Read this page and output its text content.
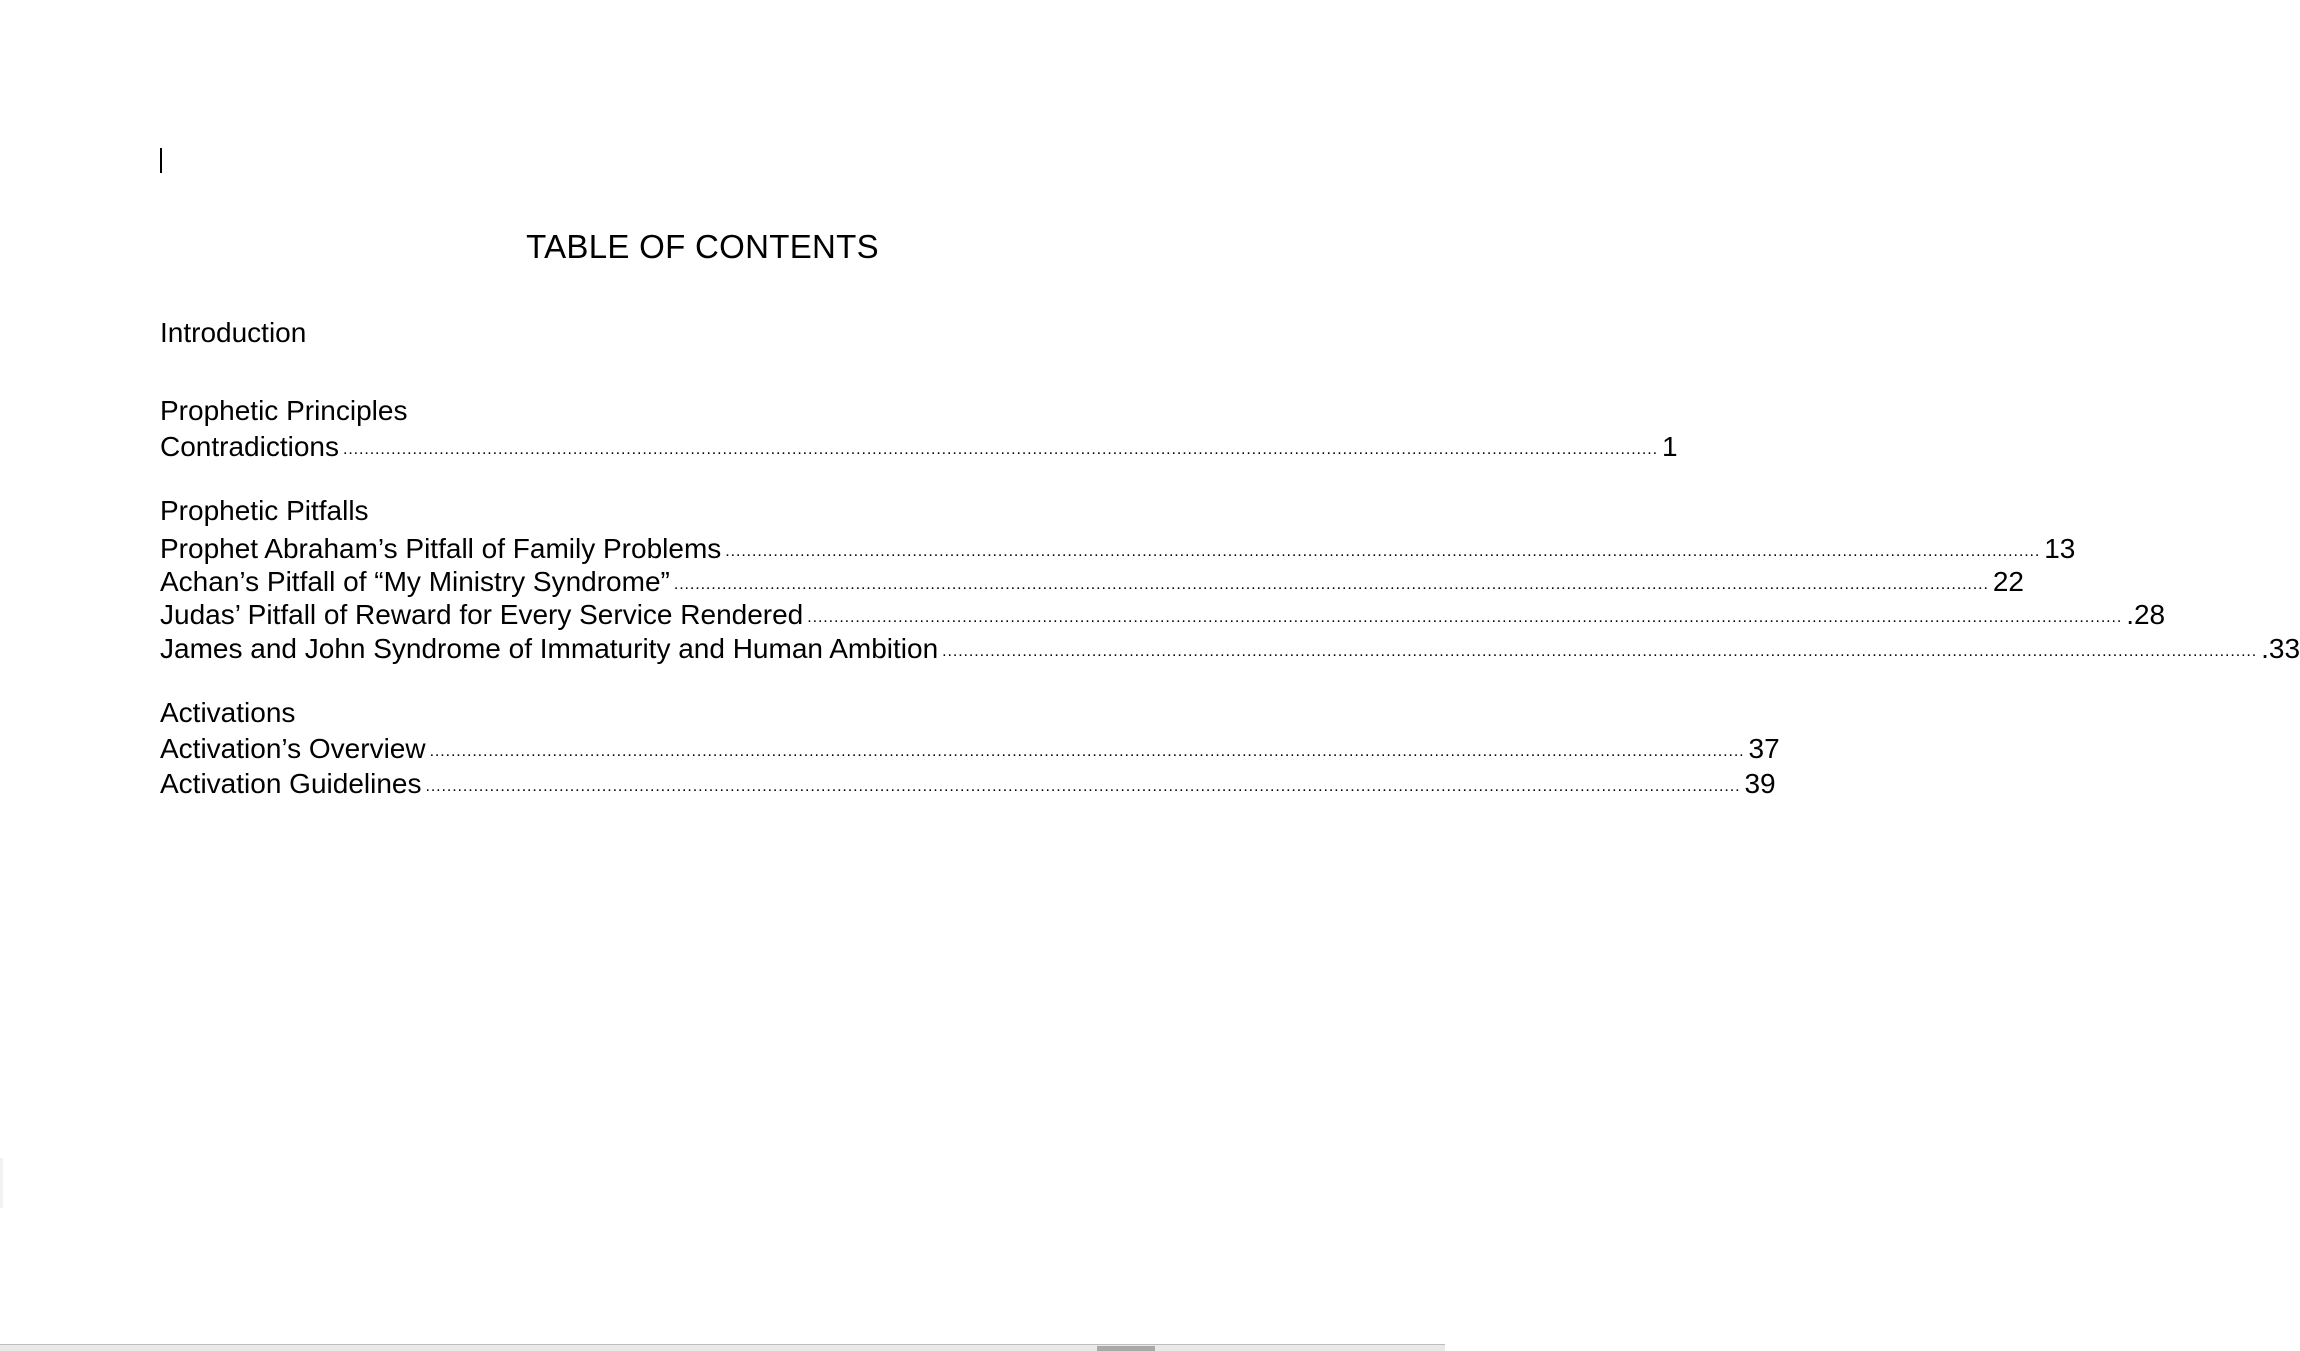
TABLE OF CONTENTS

Introduction

Prophetic Principles

Contradictions ...................................................................................................................................................................................................................................................... 1

Prophetic Pitfalls

Prophet Abraham’s Pitfall of Family Problems ...................................................................................................................................................................................................................................................... 13
Achan’s Pitfall of “My Ministry Syndrome” ...................................................................................................................................................................................................................................................... 22
Judas’ Pitfall of Reward for Every Service Rendered ...................................................................................................................................................................................................................................................... .28
James and John Syndrome of Immaturity and Human Ambition ...................................................................................................................................................................................................................................................... .33

Activations

Activation’s Overview ...................................................................................................................................................................................................................................................... 37
Activation Guidelines ...................................................................................................................................................................................................................................................... 39
